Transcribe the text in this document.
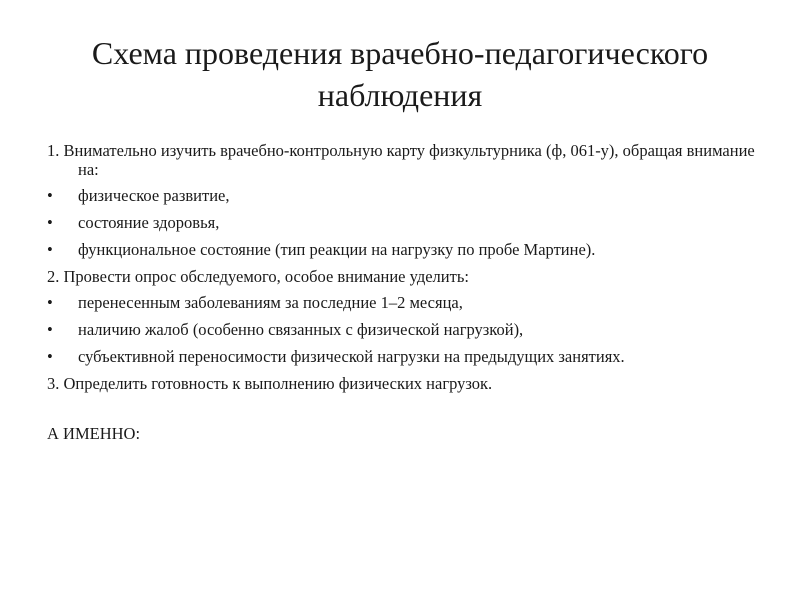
Схема проведения врачебно-педагогического наблюдения

1. Внимательно изучить врачебно-контрольную карту физкультурника (ф, 061-у), обращая внимание на:

•	физическое развитие,
•	состояние здоровья,
•	функциональное состояние (тип реакции на нагрузку по пробе Мартине).

2. Провести опрос обследуемого, особое внимание уделить:

•	перенесенным заболеваниям за последние 1–2 месяца,
•	наличию жалоб (особенно связанных с физической нагрузкой),
•	субъективной переносимости физической нагрузки на предыдущих занятиях.

3. Определить готовность к выполнению физических нагрузок.

А ИМЕННО:
